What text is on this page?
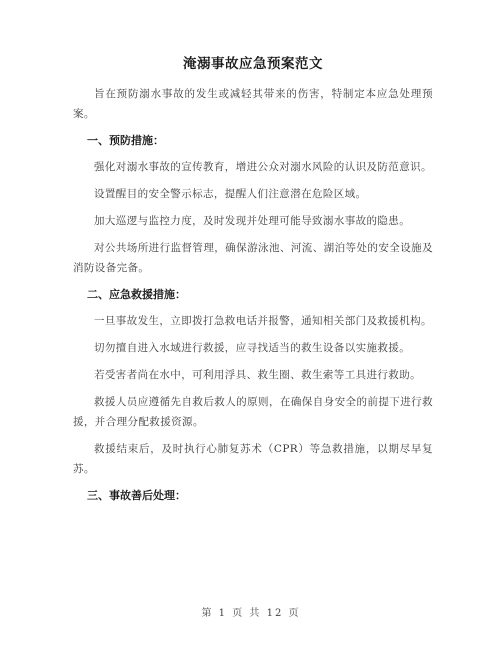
淹溺事故应急预案范文

旨在预防溺水事故的发生或减轻其带来的伤害，特制定本应急处理预案。

一、预防措施：

强化对溺水事故的宣传教育，增进公众对溺水风险的认识及防范意识。

设置醒目的安全警示标志，提醒人们注意潜在危险区域。

加大巡逻与监控力度，及时发现并处理可能导致溺水事故的隐患。

对公共场所进行监督管理，确保游泳池、河流、湖泊等处的安全设施及消防设备完备。

二、应急救援措施：

一旦事故发生，立即拨打急救电话并报警，通知相关部门及救援机构。

切勿擅自进入水域进行救援，应寻找适当的救生设备以实施救援。

若受害者尚在水中，可利用浮具、救生圈、救生索等工具进行救助。

救援人员应遵循先自救后救人的原则，在确保自身安全的前提下进行救援，并合理分配救援资源。

救援结束后，及时执行心肺复苏术（CPR）等急救措施，以期尽早复苏。

三、事故善后处理：
第 1 页 共 12 页
